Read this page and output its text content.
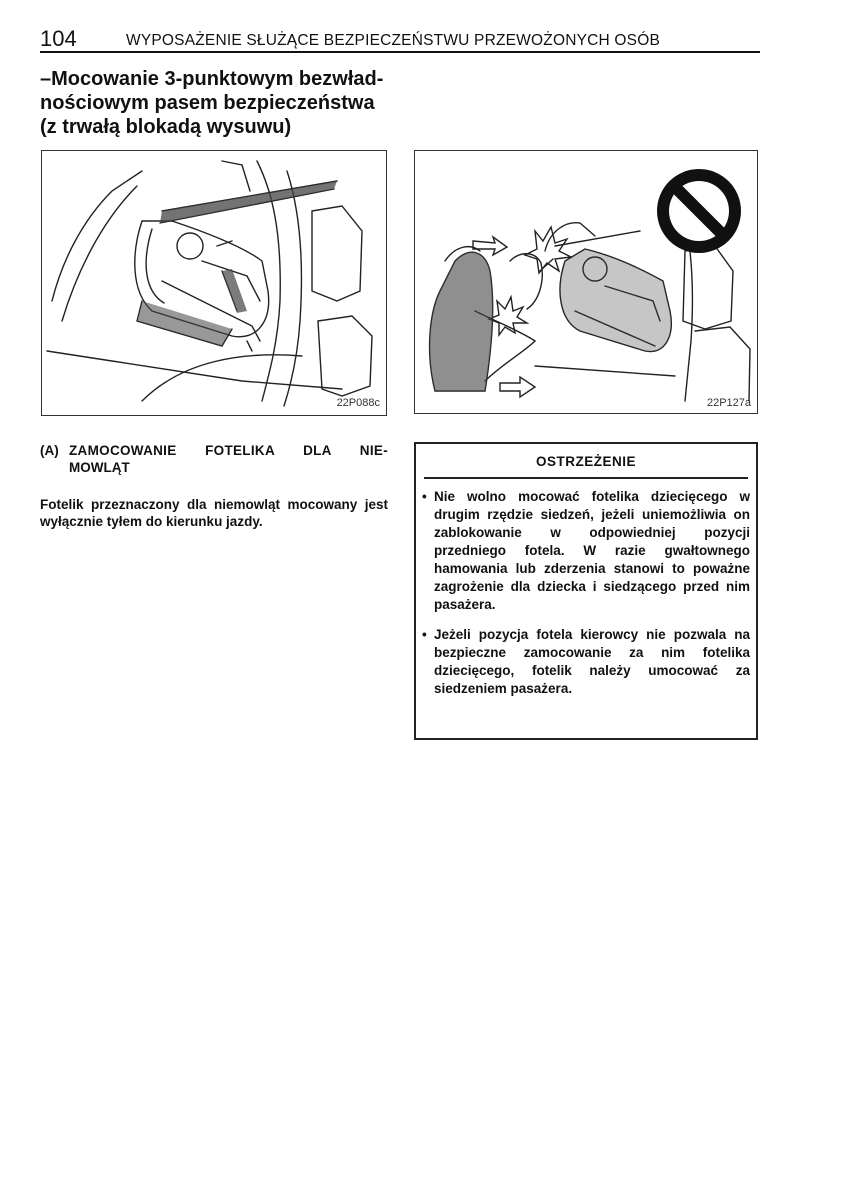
104	WYPOSAŻENIE SŁUŻĄCE BEZPIECZEŃSTWU PRZEWOŻONYCH OSÓB
–Mocowanie 3-punktowym bezwład-
nościowym pasem bezpieczeństwa
(z trwałą blokadą wysuwu)
22P088c	22P127a
(A) ZAMOCOWANIE FOTELIKA DLA NIE-
MOWLĄT
Fotelik przeznaczony dla niemowląt mocowany jest wyłącznie tyłem do kierunku jazdy.
OSTRZEŻENIE
• Nie wolno mocować fotelika dziecięcego w drugim rzędzie siedzeń, jeżeli uniemożliwia on zablokowanie w odpowiedniej pozycji przedniego fotela. W razie gwałtownego hamowania lub zderzenia stanowi to poważne zagrożenie dla dziecka i siedzącego przed nim pasażera.
• Jeżeli pozycja fotela kierowcy nie pozwala na bezpieczne zamocowanie za nim fotelika dziecięcego, fotelik należy umocować za siedzeniem pasażera.
